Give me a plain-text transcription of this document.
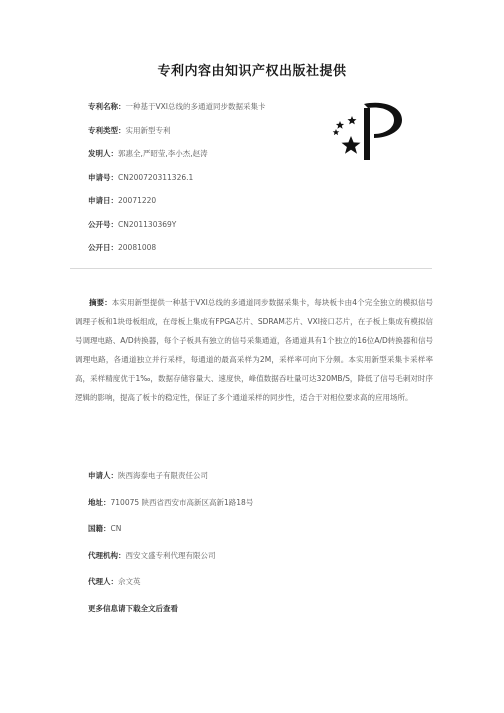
专利内容由知识产权出版社提供
专利名称：一种基于VXI总线的多通道同步数据采集卡
专利类型：实用新型专利
发明人：郭惠全,严昭莹,李小杰,赵涛
申请号：CN200720311326.1
申请日：20071220
公开号：CN201130369Y
公开日：20081008
摘要：本实用新型提供一种基于VXI总线的多通道同步数据采集卡，每块板卡由4个完全独立的模拟信号调理子板和1块母板组成，在母板上集成有FPGA芯片、SDRAM芯片、VXI接口芯片，在子板上集成有模拟信号调理电路、A/D转换器，每个子板具有独立的信号采集通道，各通道具有1个独立的16位A/D转换器和信号调理电路，各通道独立并行采样，每通道的最高采样为2M，采样率可向下分频。本实用新型采集卡采样率高，采样精度优于1‰，数据存储容量大、速度快，峰值数据吞吐量可达320MB/S，降低了信号毛刺对时序逻辑的影响，提高了板卡的稳定性，保证了多个通道采样的同步性，适合于对相位要求高的应用场所。
申请人：陕西海泰电子有限责任公司
地址：710075 陕西省西安市高新区高新1路18号
国籍：CN
代理机构：西安文盛专利代理有限公司
代理人：佘文英
更多信息请下载全文后查看
